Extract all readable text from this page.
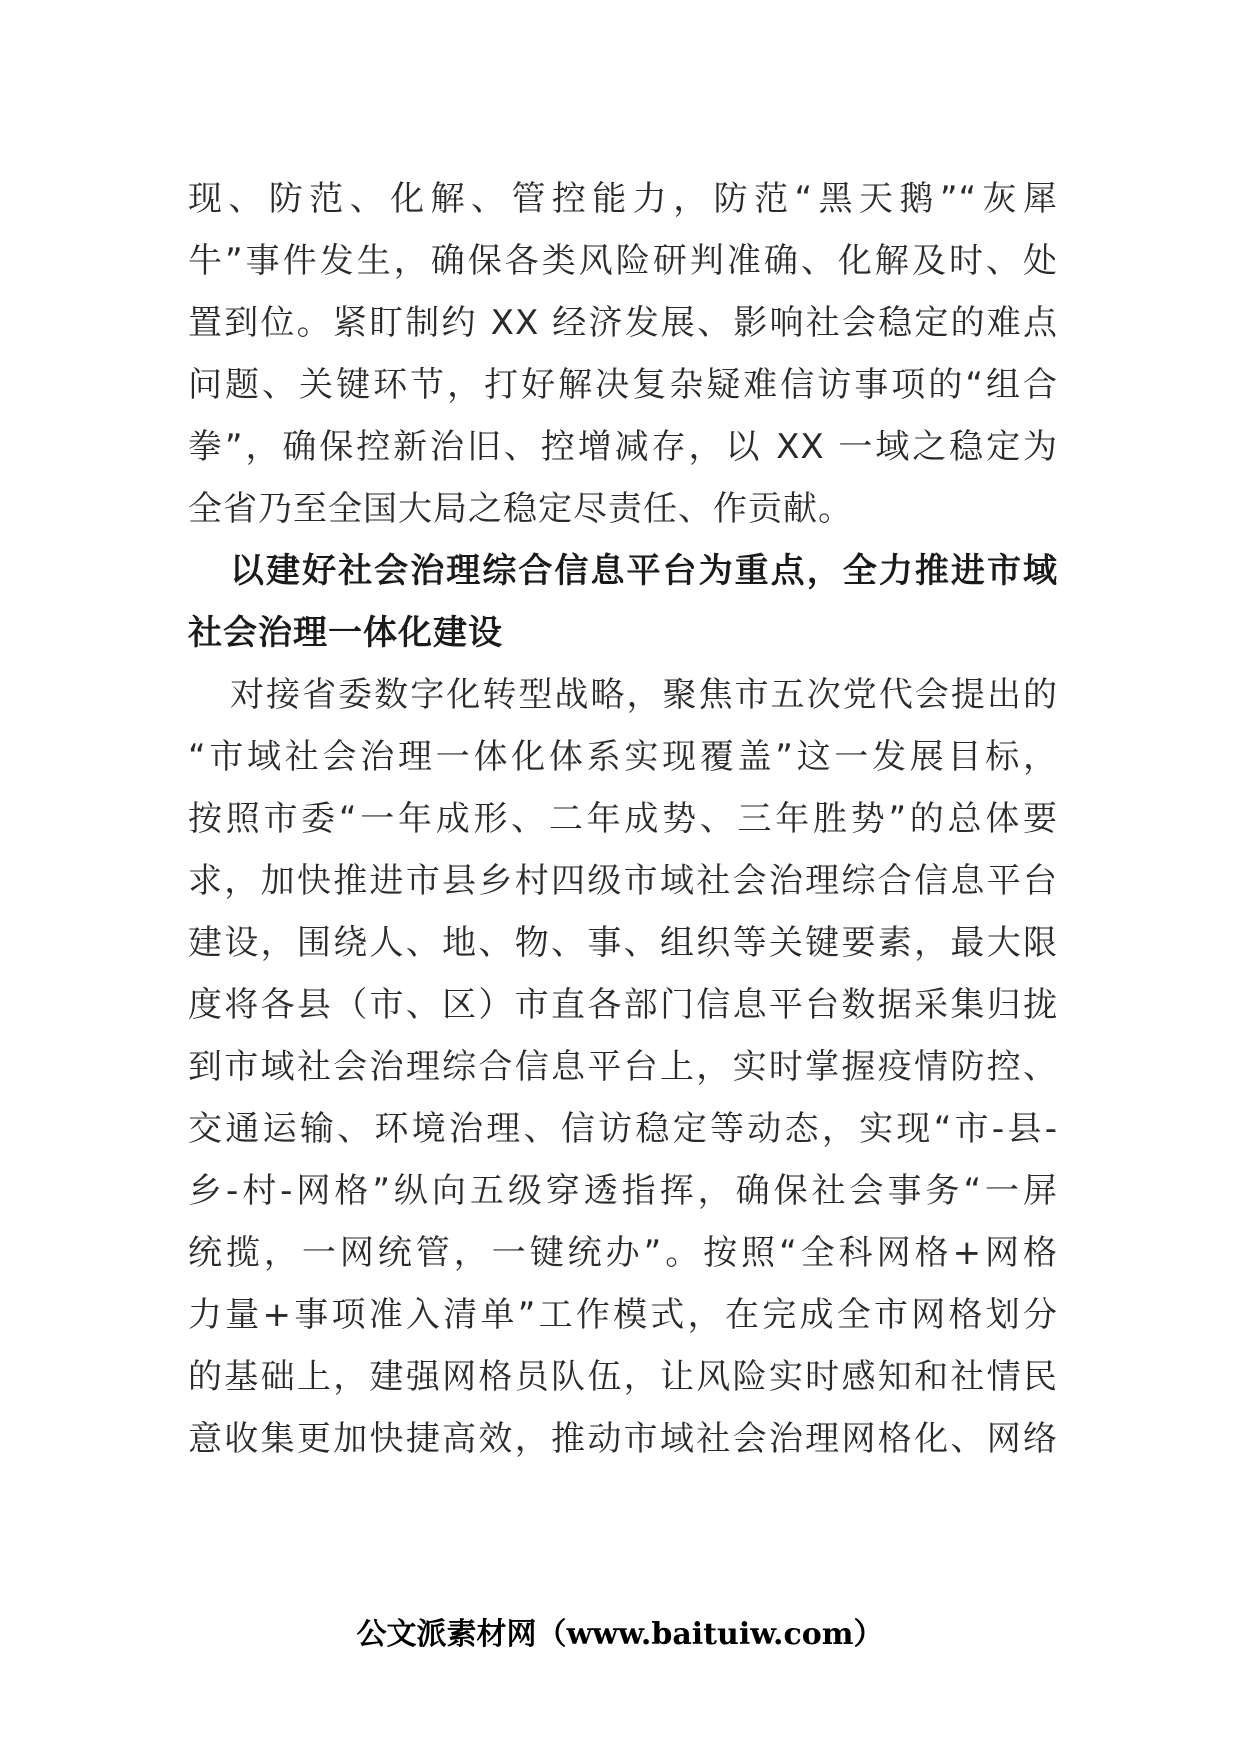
现、防范、化解、管控能力，防范“黑天鹅”“灰犀
牛”事件发生，确保各类风险研判准确、化解及时、处
置到位。紧盯制约 XX 经济发展、影响社会稳定的难点
问题、关键环节，打好解决复杂疑难信访事项的“组合
拳”，确保控新治旧、控增减存，以 XX 一域之稳定为
全省乃至全国大局之稳定尽责任、作贡献。
以建好社会治理综合信息平台为重点，全力推进市域
社会治理一体化建设
对接省委数字化转型战略，聚焦市五次党代会提出的
“市域社会治理一体化体系实现覆盖”这一发展目标，
按照市委“一年成形、二年成势、三年胜势”的总体要
求，加快推进市县乡村四级市域社会治理综合信息平台
建设，围绕人、地、物、事、组织等关键要素，最大限
度将各县（市、区）市直各部门信息平台数据采集归拢
到市域社会治理综合信息平台上，实时掌握疫情防控、
交通运输、环境治理、信访稳定等动态，实现“市-县-
乡-村-网格”纵向五级穿透指挥，确保社会事务“一屏
统揽，一网统管，一键统办”。按照“全科网格+网格
力量+事项准入清单”工作模式，在完成全市网格划分
的基础上，建强网格员队伍，让风险实时感知和社情民
意收集更加快捷高效，推动市域社会治理网格化、网络
公文派素材网（www.baituiw.com）
